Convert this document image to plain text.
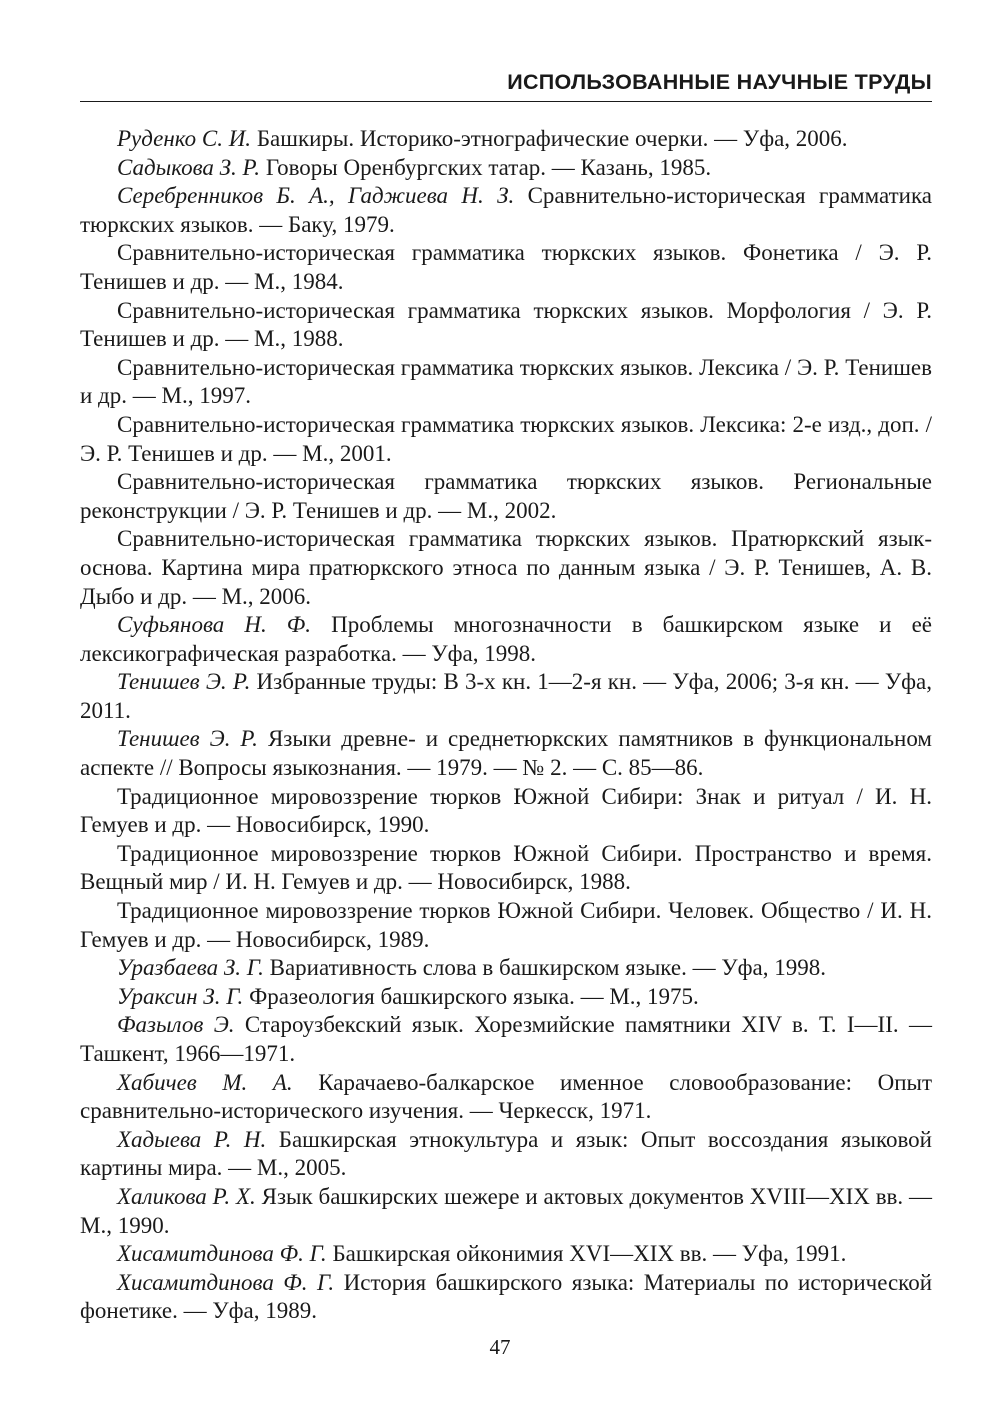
ИСПОЛЬЗОВАННЫЕ НАУЧНЫЕ ТРУДЫ

Руденко С. И. Башкиры. Историко-этнографические очерки. — Уфа, 2006.

Садыкова З. Р. Говоры Оренбургских татар. — Казань, 1985.

Серебренников Б. А., Гаджиева Н. З. Сравнительно-историческая грамматика тюркских языков. — Баку, 1979.

Сравнительно-историческая грамматика тюркских языков. Фонетика / Э. Р. Тенишев и др. — М., 1984.

Сравнительно-историческая грамматика тюркских языков. Морфология / Э. Р. Тенишев и др. — М., 1988.

Сравнительно-историческая грамматика тюркских языков. Лексика / Э. Р. Тенишев и др. — М., 1997.

Сравнительно-историческая грамматика тюркских языков. Лексика: 2-е изд., доп. / Э. Р. Тенишев и др. — М., 2001.

Сравнительно-историческая грамматика тюркских языков. Региональные реконструкции / Э. Р. Тенишев и др. — М., 2002.

Сравнительно-историческая грамматика тюркских языков. Пратюркский язык-основа. Картина мира пратюркского этноса по данным языка / Э. Р. Тенишев, А. В. Дыбо и др. — М., 2006.

Суфьянова Н. Ф. Проблемы многозначности в башкирском языке и её лексикографическая разработка. — Уфа, 1998.

Тенишев Э. Р. Избранные труды: В 3-х кн. 1—2-я кн. — Уфа, 2006; 3-я кн. — Уфа, 2011.

Тенишев Э. Р. Языки древне- и среднетюркских памятников в функциональном аспекте // Вопросы языкознания. — 1979. — № 2. — С. 85—86.

Традиционное мировоззрение тюрков Южной Сибири: Знак и ритуал / И. Н. Гемуев и др. — Новосибирск, 1990.

Традиционное мировоззрение тюрков Южной Сибири. Пространство и время. Вещный мир / И. Н. Гемуев и др. — Новосибирск, 1988.

Традиционное мировоззрение тюрков Южной Сибири. Человек. Общество / И. Н. Гемуев и др. — Новосибирск, 1989.

Уразбаева З. Г. Вариативность слова в башкирском языке. — Уфа, 1998.

Ураксин З. Г. Фразеология башкирского языка. — М., 1975.

Фазылов Э. Староузбекский язык. Хорезмийские памятники XIV в. Т. I—II. — Ташкент, 1966—1971.

Хабичев М. А. Карачаево-балкарское именное словообразование: Опыт сравнительно-исторического изучения. — Черкесск, 1971.

Хадыева Р. Н. Башкирская этнокультура и язык: Опыт воссоздания языковой картины мира. — М., 2005.

Халикова Р. Х. Язык башкирских шежере и актовых документов XVIII—XIX вв. — М., 1990.

Хисамитдинова Ф. Г. Башкирская ойконимия XVI—XIX вв. — Уфа, 1991.

Хисамитдинова Ф. Г. История башкирского языка: Материалы по исторической фонетике. — Уфа, 1989.

47
